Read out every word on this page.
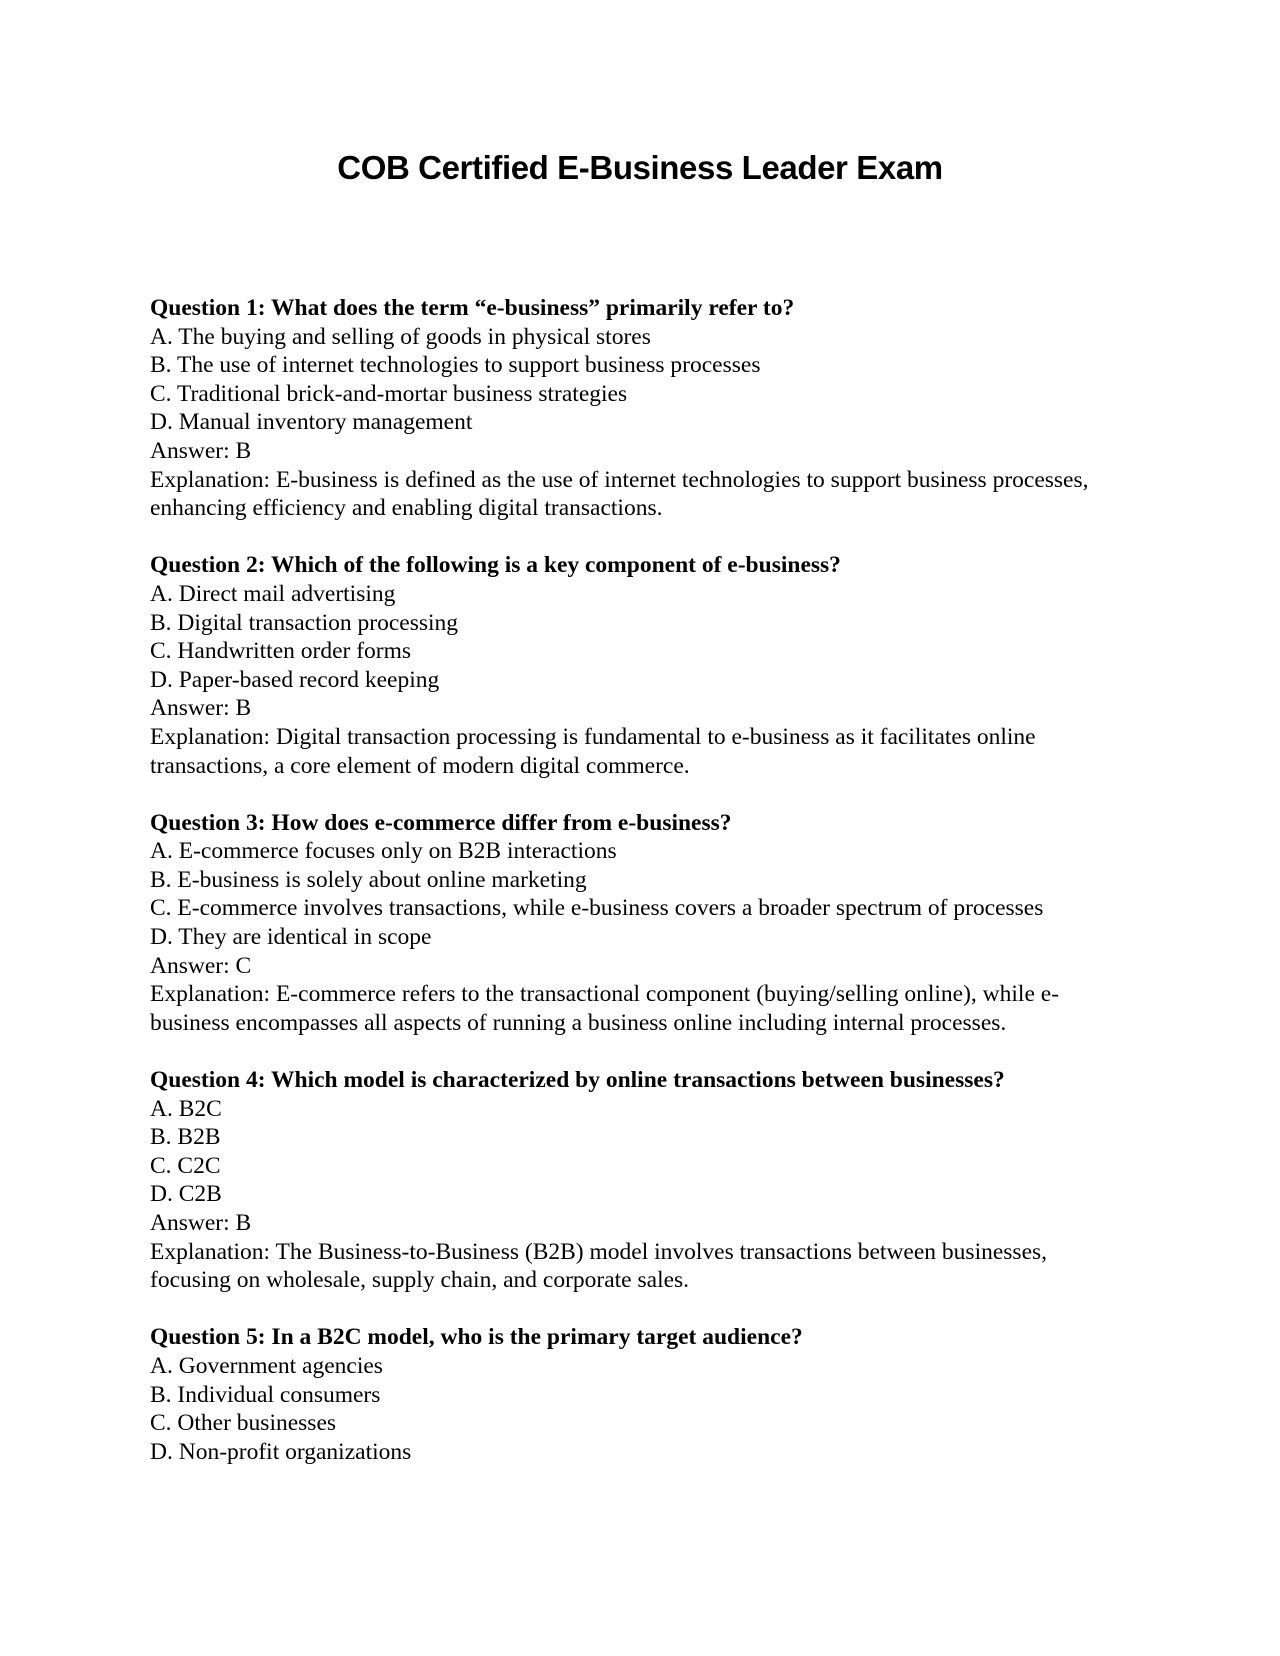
COB Certified E-Business Leader Exam

Question 1: What does the term “e-business” primarily refer to?

A. The buying and selling of goods in physical stores

B. The use of internet technologies to support business processes

C. Traditional brick-and-mortar business strategies

D. Manual inventory management

Answer: B

Explanation: E-business is defined as the use of internet technologies to support business processes, enhancing efficiency and enabling digital transactions.

Question 2: Which of the following is a key component of e-business?

A. Direct mail advertising

B. Digital transaction processing

C. Handwritten order forms

D. Paper-based record keeping

Answer: B

Explanation: Digital transaction processing is fundamental to e-business as it facilitates online transactions, a core element of modern digital commerce.

Question 3: How does e-commerce differ from e-business?

A. E-commerce focuses only on B2B interactions

B. E-business is solely about online marketing

C. E-commerce involves transactions, while e-business covers a broader spectrum of processes

D. They are identical in scope

Answer: C

Explanation: E-commerce refers to the transactional component (buying/selling online), while e-business encompasses all aspects of running a business online including internal processes.

Question 4: Which model is characterized by online transactions between businesses?

A. B2C

B. B2B

C. C2C

D. C2B

Answer: B

Explanation: The Business-to-Business (B2B) model involves transactions between businesses, focusing on wholesale, supply chain, and corporate sales.

Question 5: In a B2C model, who is the primary target audience?

A. Government agencies

B. Individual consumers

C. Other businesses

D. Non-profit organizations
